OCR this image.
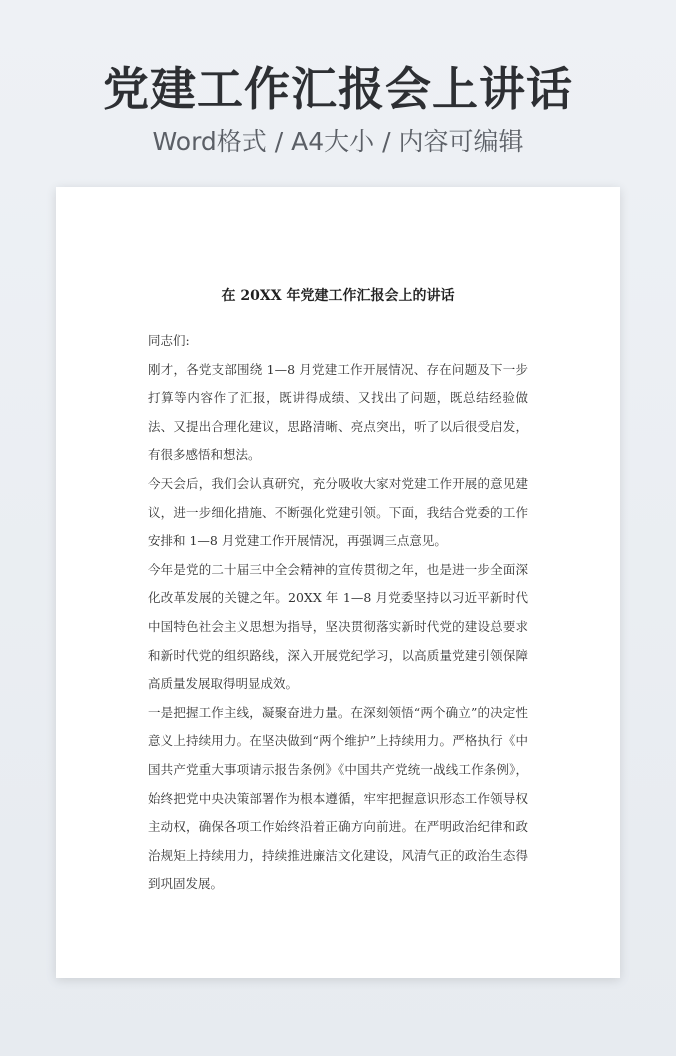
党建工作汇报会上讲话
Word格式 / A4大小 / 内容可编辑
在 20XX 年党建工作汇报会上的讲话

同志们:

刚才，各党支部围绕 1—8 月党建工作开展情况、存在问题及下一步打算等内容作了汇报，既讲得成绩、又找出了问题，既总结经验做法、又提出合理化建议，思路清晰、亮点突出，听了以后很受启发，有很多感悟和想法。

今天会后，我们会认真研究，充分吸收大家对党建工作开展的意见建议，进一步细化措施、不断强化党建引领。下面，我结合党委的工作安排和 1—8 月党建工作开展情况，再强调三点意见。

今年是党的二十届三中全会精神的宣传贯彻之年，也是进一步全面深化改革发展的关键之年。20XX 年 1—8 月党委坚持以习近平新时代中国特色社会主义思想为指导，坚决贯彻落实新时代党的建设总要求和新时代党的组织路线，深入开展党纪学习，以高质量党建引领保障高质量发展取得明显成效。

一是把握工作主线，凝聚奋进力量。在深刻领悟“两个确立”的决定性意义上持续用力。在坚决做到“两个维护”上持续用力。严格执行《中国共产党重大事项请示报告条例》《中国共产党统一战线工作条例》，始终把党中央决策部署作为根本遵循，牢牢把握意识形态工作领导权主动权，确保各项工作始终沿着正确方向前进。在严明政治纪律和政治规矩上持续用力，持续推进廉洁文化建设，风清气正的政治生态得到巩固发展。
